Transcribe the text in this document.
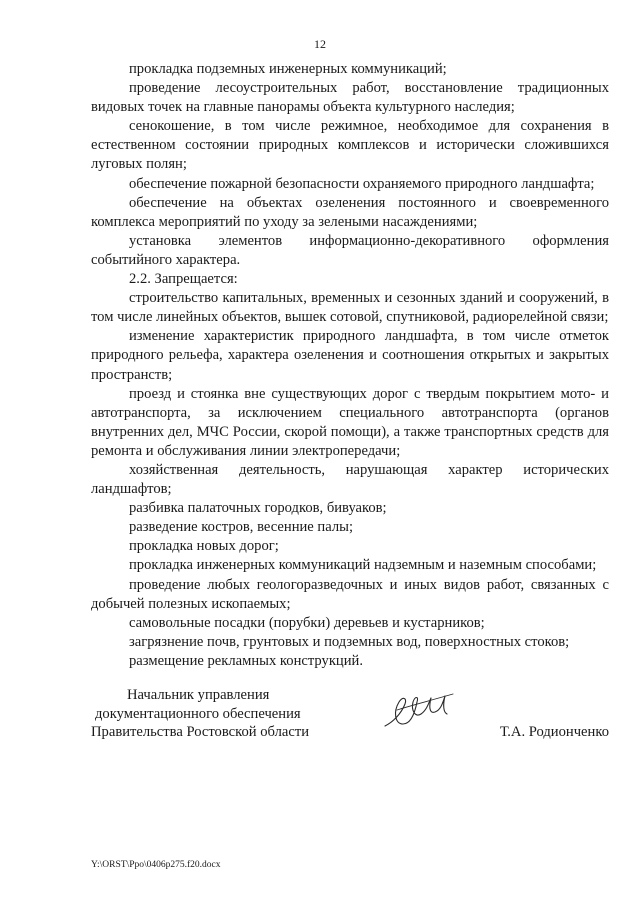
12

прокладка подземных инженерных коммуникаций;

проведение лесоустроительных работ, восстановление традиционных видовых точек на главные панорамы объекта культурного наследия;

сенокошение, в том числе режимное, необходимое для сохранения в естественном состоянии природных комплексов и исторически сложившихся луговых полян;

обеспечение пожарной безопасности охраняемого природного ландшафта;

обеспечение на объектах озеленения постоянного и своевременного комплекса мероприятий по уходу за зелеными насаждениями;

установка элементов информационно-декоративного оформления событийного характера.

2.2. Запрещается:

строительство капитальных, временных и сезонных зданий и сооружений, в том числе линейных объектов, вышек сотовой, спутниковой, радиорелейной связи;

изменение характеристик природного ландшафта, в том числе отметок природного рельефа, характера озеленения и соотношения открытых и закрытых пространств;

проезд и стоянка вне существующих дорог с твердым покрытием мото- и автотранспорта, за исключением специального автотранспорта (органов внутренних дел, МЧС России, скорой помощи), а также транспортных средств для ремонта и обслуживания линии электропередачи;

хозяйственная деятельность, нарушающая характер исторических ландшафтов;

разбивка палаточных городков, бивуаков;

разведение костров, весенние палы;

прокладка новых дорог;

прокладка инженерных коммуникаций надземным и наземным способами;

проведение любых геологоразведочных и иных видов работ, связанных с добычей полезных ископаемых;

самовольные посадки (порубки) деревьев и кустарников;

загрязнение почв, грунтовых и подземных вод, поверхностных стоков;

размещение рекламных конструкций.

Начальник управления
документационного обеспечения
Правительства Ростовской области	Т.А. Родионченко
Y:\ORST\Ppo\0406p275.f20.docx
